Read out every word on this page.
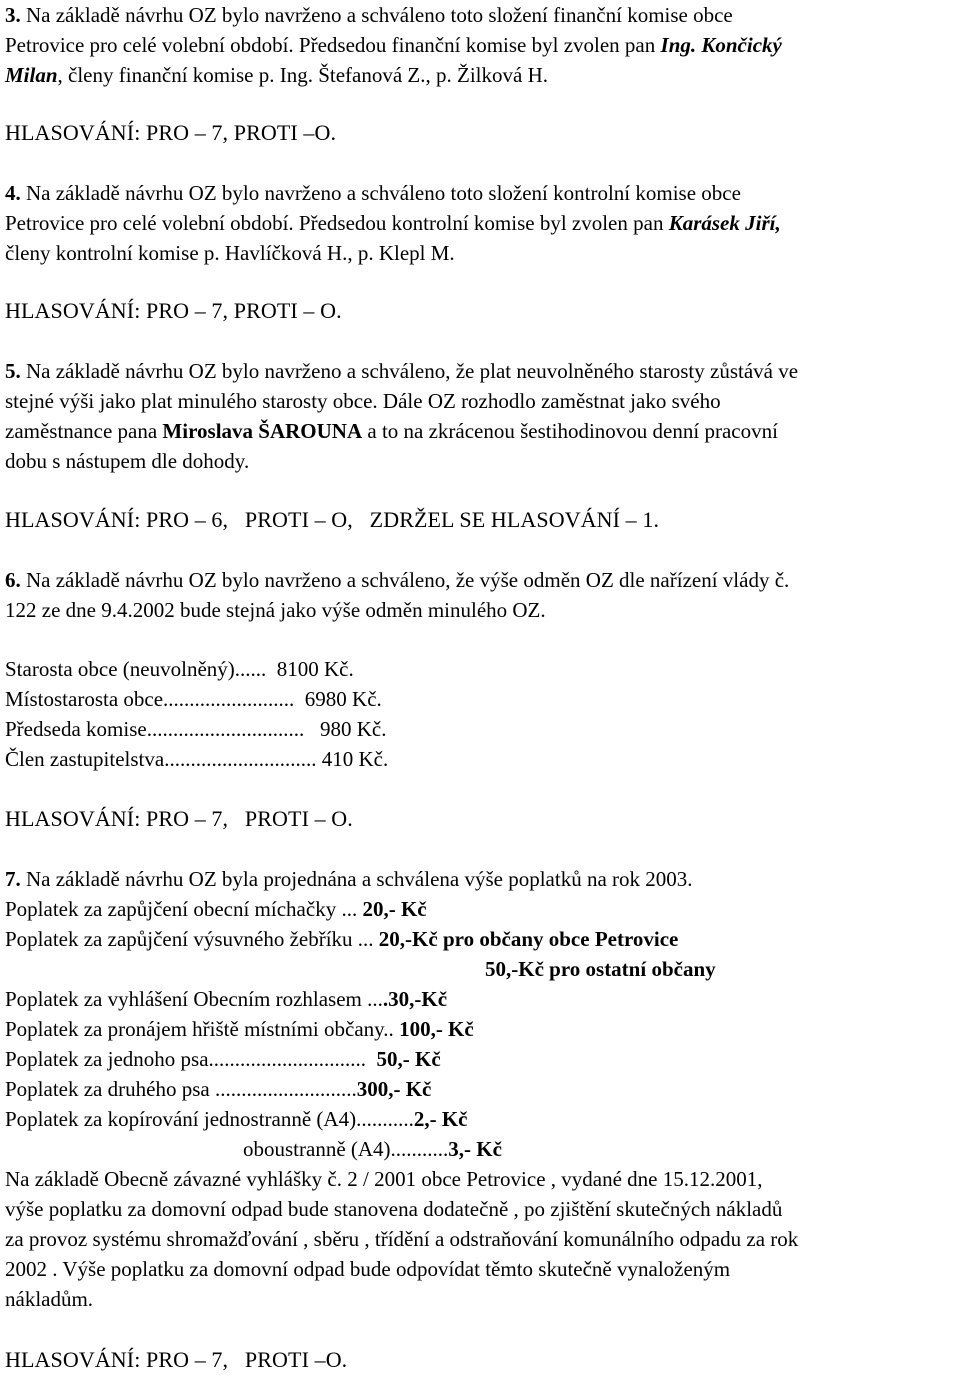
3. Na základě návrhu OZ bylo navrženo a schváleno toto složení finanční komise obce
Petrovice pro celé volební období. Předsedou finanční komise byl zvolen pan Ing. Končický
Milan, členy finanční komise p. Ing. Štefanová Z., p. Žilková H.
HLASOVÁNÍ: PRO – 7, PROTI –O.
4. Na základě návrhu OZ bylo navrženo a schváleno toto složení kontrolní komise obce
Petrovice pro celé volební období. Předsedou kontrolní komise byl zvolen pan Karásek Jiří,
členy kontrolní komise p. Havlíčková H., p. Klepl M.
HLASOVÁNÍ: PRO – 7, PROTI – O.
5. Na základě návrhu OZ bylo navrženo a schváleno, že plat neuvolněného starosty zůstává ve
stejné výši jako plat minulého starosty obce. Dále OZ rozhodlo zaměstnat jako svého
zaměstnance pana Miroslava ŠAROUNA a to na zkrácenou šestihodinovou denní pracovní
dobu s nástupem dle dohody.
HLASOVÁNÍ: PRO – 6,   PROTI – O,   ZDRŽEL SE HLASOVÁNÍ – 1.
6. Na základě návrhu OZ bylo navrženo a schváleno, že výše odměn OZ dle nařízení vlády č.
122 ze dne 9.4.2002 bude stejná jako výše odměn minulého OZ.
Starosta obce (neuvolněný)......  8100 Kč.
Místostarosta obce.........................  6980 Kč.
Předseda komise..............................   980 Kč.
Člen zastupitelstva............................. 410 Kč.
HLASOVÁNÍ: PRO – 7,   PROTI – O.
7. Na základě návrhu OZ byla projednána a schválena výše poplatků na rok 2003.
Poplatek za zapůjčení obecní míchačky ... 20,- Kč
Poplatek za zapůjčení výsuvného žebříku ... 20,-Kč pro občany obce Petrovice
50,-Kč pro ostatní občany
Poplatek za vyhlášení Obecním rozhlasem ....30,-Kč
Poplatek za pronájem hřiště místními občany.. 100,- Kč
Poplatek za jednoho psa..............................  50,- Kč
Poplatek za druhého psa ...........................300,- Kč
Poplatek za kopírování jednostranně (A4)...........2,- Kč
oboustranně (A4)...........3,- Kč
Na základě Obecně závazné vyhlášky č. 2 / 2001 obce Petrovice , vydané dne 15.12.2001,
výše poplatku za domovní odpad bude stanovena dodatečně , po zjištění skutečných nákladů
za provoz systému shromažďování , sběru , třídění a odstraňování komunálního odpadu za rok
2002 . Výše poplatku za domovní odpad bude odpovídat těmto skutečně vynaloženým
nákladům.
HLASOVÁNÍ: PRO – 7,   PROTI –O.
